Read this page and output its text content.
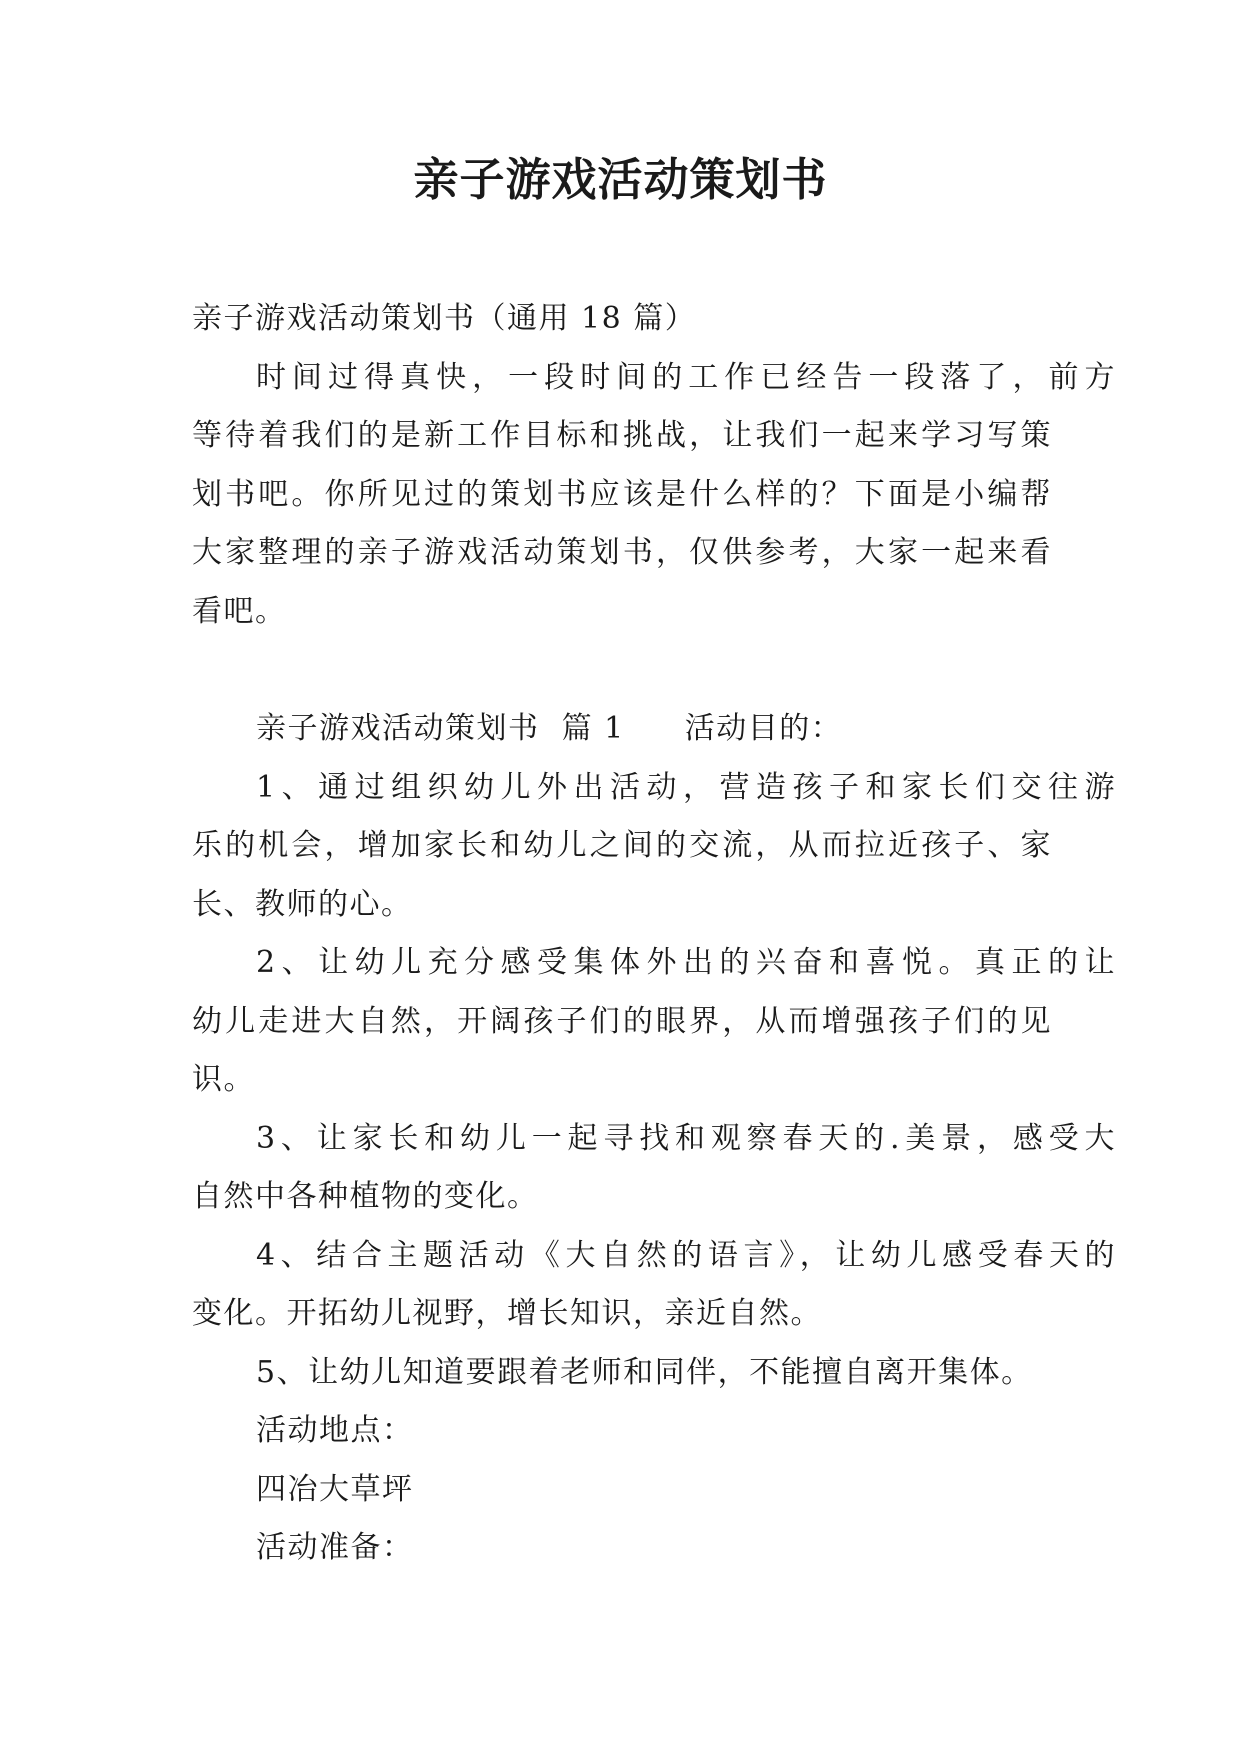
亲子游戏活动策划书

亲子游戏活动策划书（通用 18 篇）

时间过得真快，一段时间的工作已经告一段落了，前方

等待着我们的是新工作目标和挑战，让我们一起来学习写策

划书吧。你所见过的策划书应该是什么样的？下面是小编帮

大家整理的亲子游戏活动策划书，仅供参考，大家一起来看

看吧。

亲子游戏活动策划书  篇 1 活动目的：

1、通过组织幼儿外出活动，营造孩子和家长们交往游

乐的机会，增加家长和幼儿之间的交流，从而拉近孩子、家

长、教师的心。

2、让幼儿充分感受集体外出的兴奋和喜悦。真正的让

幼儿走进大自然，开阔孩子们的眼界，从而增强孩子们的见

识。

3、让家长和幼儿一起寻找和观察春天的.美景，感受大

自然中各种植物的变化。

4、结合主题活动《大自然的语言》，让幼儿感受春天的

变化。开拓幼儿视野，增长知识，亲近自然。

5、让幼儿知道要跟着老师和同伴，不能擅自离开集体。

活动地点：

四冶大草坪

活动准备：
